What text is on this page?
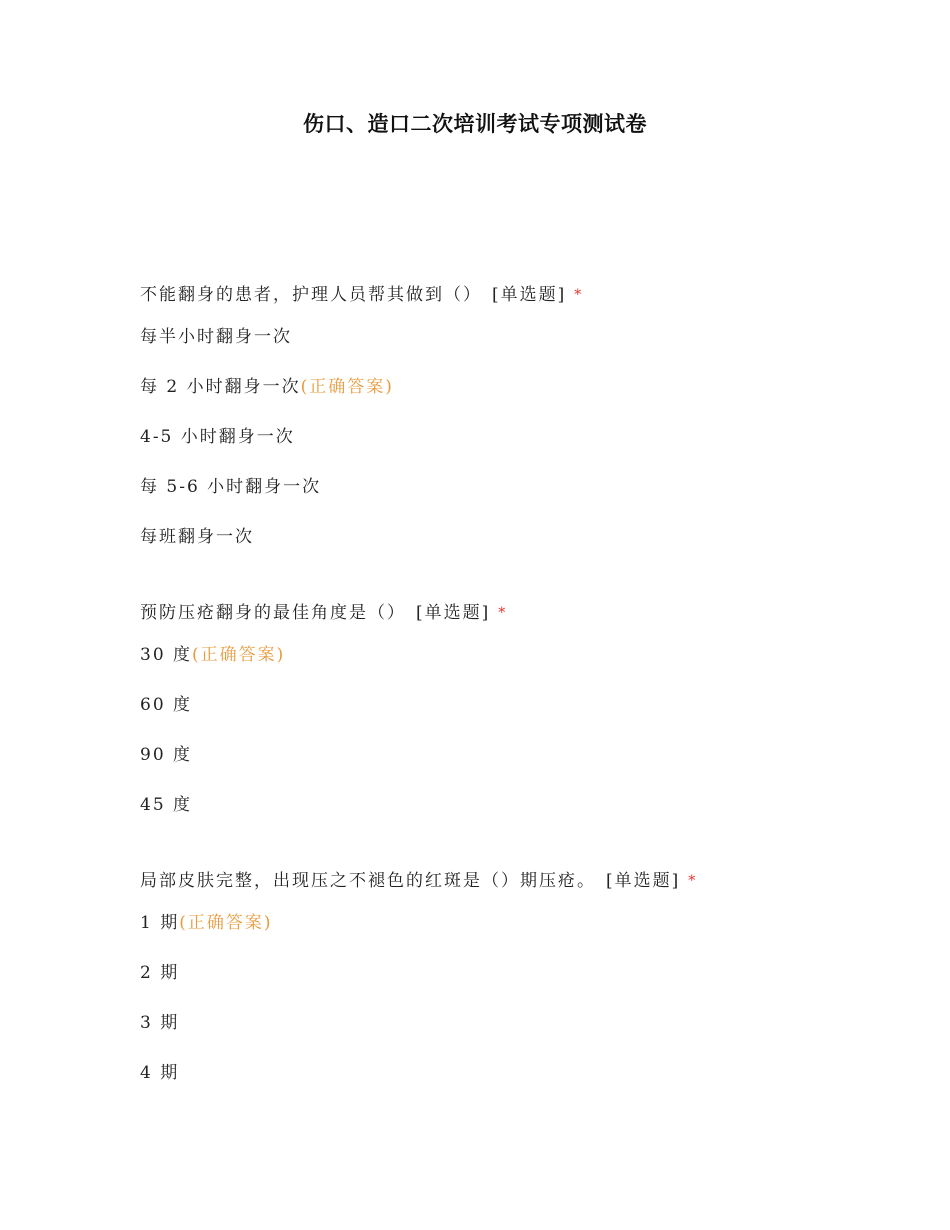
伤口、造口二次培训考试专项测试卷
不能翻身的患者，护理人员帮其做到（） [单选题] *
每半小时翻身一次
每 2 小时翻身一次(正确答案)
4-5 小时翻身一次
每 5-6 小时翻身一次
每班翻身一次
预防压疮翻身的最佳角度是（） [单选题] *
30 度(正确答案)
60 度
90 度
45 度
局部皮肤完整，出现压之不褪色的红斑是（）期压疮。 [单选题] *
1 期(正确答案)
2 期
3 期
4 期
